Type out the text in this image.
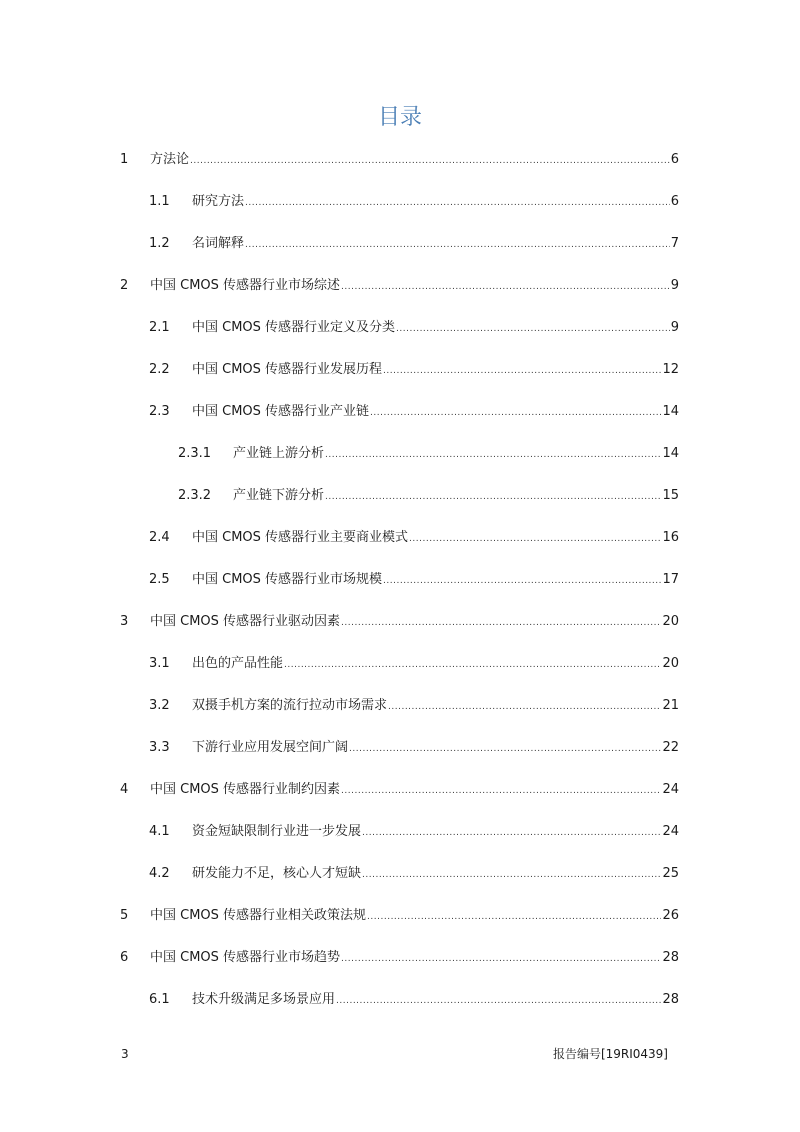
目录
1	方法论 .....	6
1.1	研究方法 .....	6
1.2	名词解释 .....	7
2	中国 CMOS 传感器行业市场综述 .....	9
2.1	中国 CMOS 传感器行业定义及分类 .....	9
2.2	中国 CMOS 传感器行业发展历程 .....	12
2.3	中国 CMOS 传感器行业产业链 .....	14
2.3.1	产业链上游分析 .....	14
2.3.2	产业链下游分析 .....	15
2.4	中国 CMOS 传感器行业主要商业模式 .....	16
2.5	中国 CMOS 传感器行业市场规模 .....	17
3	中国 CMOS 传感器行业驱动因素 .....	20
3.1	出色的产品性能 .....	20
3.2	双摄手机方案的流行拉动市场需求 .....	21
3.3	下游行业应用发展空间广阔 .....	22
4	中国 CMOS 传感器行业制约因素 .....	24
4.1	资金短缺限制行业进一步发展 .....	24
4.2	研发能力不足，核心人才短缺 .....	25
5	中国 CMOS 传感器行业相关政策法规 .....	26
6	中国 CMOS 传感器行业市场趋势 .....	28
6.1	技术升级满足多场景应用 .....	28
3	报告编号[19RI0439]
